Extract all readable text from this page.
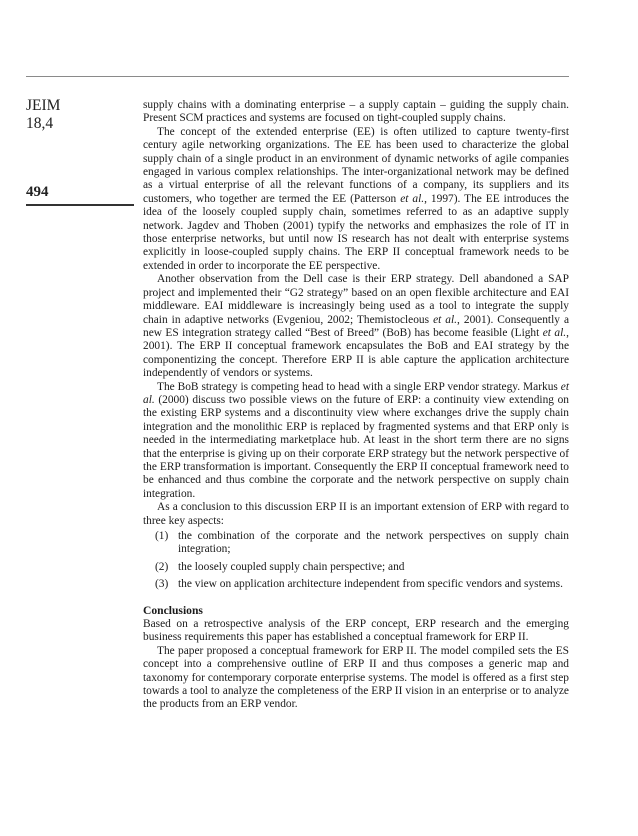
JEIM
18,4
494

supply chains with a dominating enterprise – a supply captain – guiding the supply chain. Present SCM practices and systems are focused on tight-coupled supply chains.

The concept of the extended enterprise (EE) is often utilized to capture twenty-first century agile networking organizations. The EE has been used to characterize the global supply chain of a single product in an environment of dynamic networks of agile companies engaged in various complex relationships. The inter-organizational network may be defined as a virtual enterprise of all the relevant functions of a company, its suppliers and its customers, who together are termed the EE (Patterson et al., 1997). The EE introduces the idea of the loosely coupled supply chain, sometimes referred to as an adaptive supply network. Jagdev and Thoben (2001) typify the networks and emphasizes the role of IT in those enterprise networks, but until now IS research has not dealt with enterprise systems explicitly in loose-coupled supply chains. The ERP II conceptual framework needs to be extended in order to incorporate the EE perspective.

Another observation from the Dell case is their ERP strategy. Dell abandoned a SAP project and implemented their “G2 strategy” based on an open flexible architecture and EAI middleware. EAI middleware is increasingly being used as a tool to integrate the supply chain in adaptive networks (Evgeniou, 2002; Themistocleous et al., 2001). Consequently a new ES integration strategy called “Best of Breed” (BoB) has become feasible (Light et al., 2001). The ERP II conceptual framework encapsulates the BoB and EAI strategy by the componentizing the concept. Therefore ERP II is able capture the application architecture independently of vendors or systems.

The BoB strategy is competing head to head with a single ERP vendor strategy. Markus et al. (2000) discuss two possible views on the future of ERP: a continuity view extending on the existing ERP systems and a discontinuity view where exchanges drive the supply chain integration and the monolithic ERP is replaced by fragmented systems and that ERP only is needed in the intermediating marketplace hub. At least in the short term there are no signs that the enterprise is giving up on their corporate ERP strategy but the network perspective of the ERP transformation is important. Consequently the ERP II conceptual framework need to be enhanced and thus combine the corporate and the network perspective on supply chain integration.

As a conclusion to this discussion ERP II is an important extension of ERP with regard to three key aspects:

(1) the combination of the corporate and the network perspectives on supply chain integration;
(2) the loosely coupled supply chain perspective; and
(3) the view on application architecture independent from specific vendors and systems.
Conclusions

Based on a retrospective analysis of the ERP concept, ERP research and the emerging business requirements this paper has established a conceptual framework for ERP II.

The paper proposed a conceptual framework for ERP II. The model compiled sets the ES concept into a comprehensive outline of ERP II and thus composes a generic map and taxonomy for contemporary corporate enterprise systems. The model is offered as a first step towards a tool to analyze the completeness of the ERP II vision in an enterprise or to analyze the products from an ERP vendor.
